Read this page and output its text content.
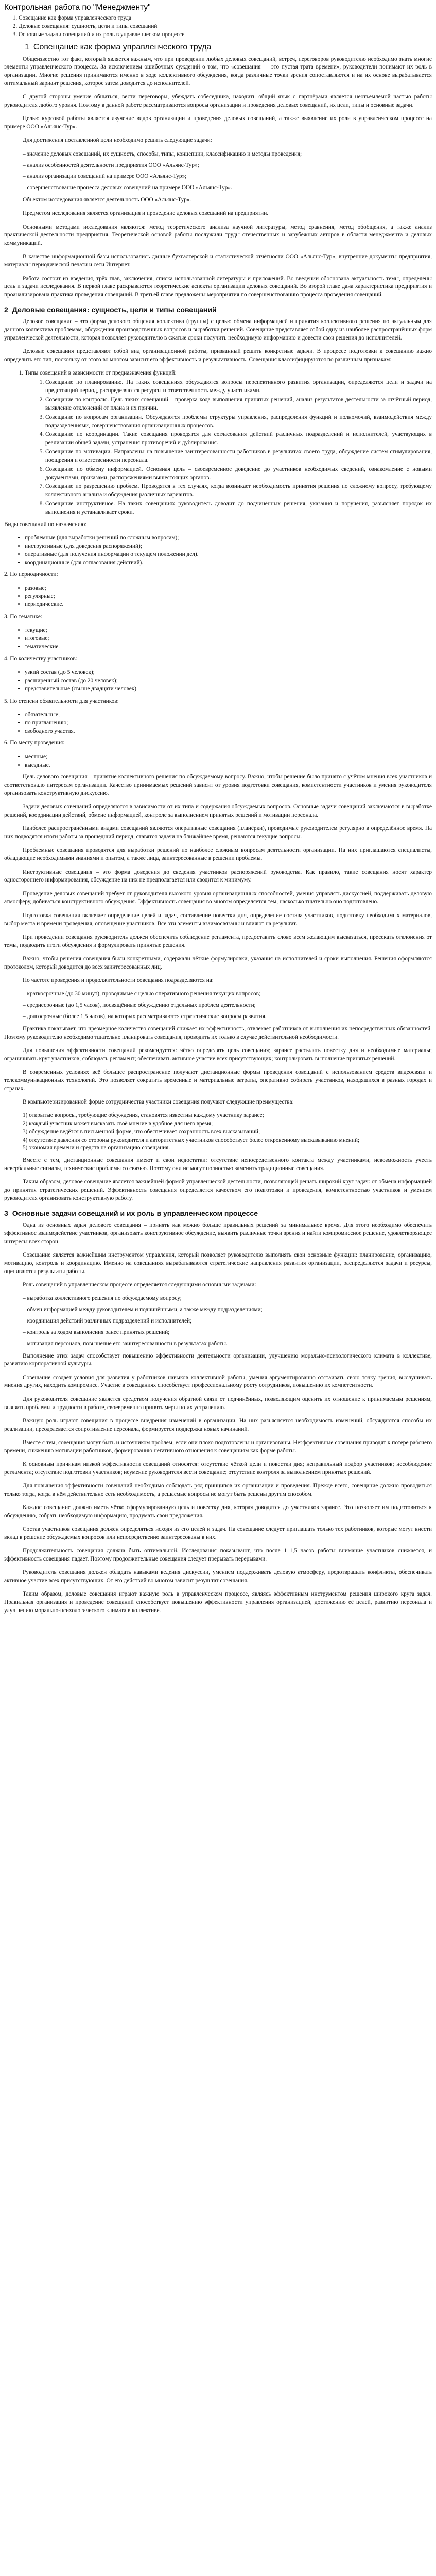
Контрольная работа по "Менеджменту"
1. Совещание как форма управленческого труда
2. Деловые совещания: сущность, цели и типы совещаний
3. Основные задачи совещаний и их роль в управленческом процессе
1 Совещание как форма управленческого труда

Общеизвестно тот факт, который является важным, что при проведении любых деловых совещаний, встреч, переговоров руководителю необходимо знать многие элементы управленческого процесса. За исключением ошибочных суждений о том, что «совещания — это пустая трата времени», руководители понимают их роль в организации. Многие решения принимаются именно в ходе коллективного обсуждения, когда различные точки зрения сопоставляются и на их основе вырабатывается оптимальный вариант решения, которое затем доводится до исполнителей.

С другой стороны умение общаться, вести переговоры, убеждать собеседника, находить общий язык с партнёрами является неотъемлемой частью работы руководителя любого уровня. Поэтому в данной работе рассматриваются вопросы организации и проведения деловых совещаний, их цели, типы и основные задачи.

Целью курсовой работы является изучение видов организации и проведения деловых совещаний, а также выявление их роли в управленческом процессе на примере ООО «Альянс-Тур».

Для достижения поставленной цели необходимо решить следующие задачи:

– значение деловых совещаний, их сущность, способы, типы, концепции, классификацию и методы проведения;
– анализ особенностей деятельности предприятия ООО «Альянс-Тур»;
– анализ организации совещаний на примере ООО «Альянс-Тур»;
– совершенствование процесса деловых совещаний на примере ООО «Альянс-Тур».

Объектом исследования является деятельность ООО «Альянс-Тур».

Предметом исследования является организация и проведение деловых совещаний на предприятии.

Основными методами исследования являются: метод теоретического анализа научной литературы, метод сравнения, метод обобщения, а также анализ практической деятельности предприятия. Теоретической основой работы послужили труды отечественных и зарубежных авторов в области менеджмента и деловых коммуникаций.

В качестве информационной базы использовались данные бухгалтерской и статистической отчётности ООО «Альянс-Тур», внутренние документы предприятия, материалы периодической печати и сети Интернет.

Работа состоит из введения, трёх глав, заключения, списка использованной литературы и приложений. Во введении обоснована актуальность темы, определены цель и задачи исследования. В первой главе раскрываются теоретические аспекты организации деловых совещаний. Во второй главе дана характеристика предприятия и проанализирована практика проведения совещаний. В третьей главе предложены мероприятия по совершенствованию процесса проведения совещаний.

2 Деловые совещания: сущность, цели и типы совещаний

Деловое совещание – это форма делового общения коллектива (группы) с целью обмена информацией и принятия коллективного решения по актуальным для данного коллектива проблемам, обсуждения производственных вопросов и выработки решений. Совещание представляет собой одну из наиболее распространённых форм управленческой деятельности, которая позволяет руководителю в сжатые сроки получить необходимую информацию и довести свои решения до исполнителей.

Деловые совещания представляют собой вид организационной работы, призванный решить конкретные задачи. В процессе подготовки к совещанию важно определить его тип, поскольку от этого во многом зависит его эффективность и результативность. Совещания классифицируются по различным признакам:

1. Типы совещаний в зависимости от предназначения функций:
1. Совещание по планированию. На таких совещаниях обсуждаются вопросы перспективного развития организации, определяются цели и задачи на предстоящий период, распределяются ресурсы и ответственность между участниками.
2. Совещание по контролю. Цель таких совещаний – проверка хода выполнения принятых решений, анализ результатов деятельности за отчётный период, выявление отклонений от плана и их причин.
3. Совещание по вопросам организации. Обсуждаются проблемы структуры управления, распределения функций и полномочий, взаимодействия между подразделениями, совершенствования организационных процессов.
4. Совещание по координации. Такие совещания проводятся для согласования действий различных подразделений и исполнителей, участвующих в реализации общей задачи, устранения противоречий и дублирования.
5. Совещание по мотивации. Направлены на повышение заинтересованности работников в результатах своего труда, обсуждение систем стимулирования, поощрения и ответственности персонала.
6. Совещание по обмену информацией. Основная цель – своевременное доведение до участников необходимых сведений, ознакомление с новыми документами, приказами, распоряжениями вышестоящих органов.
7. Совещание по разрешению проблем. Проводятся в тех случаях, когда возникает необходимость принятия решения по сложному вопросу, требующему коллективного анализа и обсуждения различных вариантов.
8. Совещание инструктивное. На таких совещаниях руководитель доводит до подчинённых решения, указания и поручения, разъясняет порядок их выполнения и устанавливает сроки.

Виды совещаний по назначению:

• проблемные (для выработки решений по сложным вопросам);
• инструктивные (для доведения распоряжений);
• оперативные (для получения информации о текущем положении дел).
• координационные (для согласования действий).

2. По периодичности:

• разовые;
• регулярные;
• периодические.

3. По тематике:

• текущие;
• итоговые;
• тематические.

4. По количеству участников:

• узкий состав (до 5 человек);
• расширенный состав (до 20 человек);
• представительные (свыше двадцати человек).

5. По степени обязательности для участников:

• обязательные;
• по приглашению;
• свободного участия.

6. По месту проведения:

• местные;
• выездные.

Цель делового совещания – принятие коллективного решения по обсуждаемому вопросу. Важно, чтобы решение было принято с учётом мнения всех участников и соответствовало интересам организации. Качество принимаемых решений зависит от уровня подготовки совещания, компетентности участников и умения руководителя организовать конструктивную дискуссию.

Задачи деловых совещаний определяются в зависимости от их типа и содержания обсуждаемых вопросов. Основные задачи совещаний заключаются в выработке решений, координации действий, обмене информацией, контроле за выполнением принятых решений и мотивации персонала.

Наиболее распространёнными видами совещаний являются оперативные совещания (планёрки), проводимые руководителем регулярно в определённое время. На них подводятся итоги работы за прошедший период, ставятся задачи на ближайшее время, решаются текущие вопросы.

Проблемные совещания проводятся для выработки решений по наиболее сложным вопросам деятельности организации. На них приглашаются специалисты, обладающие необходимыми знаниями и опытом, а также лица, заинтересованные в решении проблемы.

Инструктивные совещания – это форма доведения до сведения участников распоряжений руководства. Как правило, такие совещания носят характер одностороннего информирования, обсуждение на них не предполагается или сводится к минимуму.

Проведение деловых совещаний требует от руководителя высокого уровня организационных способностей, умения управлять дискуссией, поддерживать деловую атмосферу, добиваться конструктивного обсуждения. Эффективность совещания во многом определяется тем, насколько тщательно оно подготовлено.

Подготовка совещания включает определение целей и задач, составление повестки дня, определение состава участников, подготовку необходимых материалов, выбор места и времени проведения, оповещение участников. Все эти элементы взаимосвязаны и влияют на результат.

При проведении совещания руководитель должен обеспечить соблюдение регламента, предоставить слово всем желающим высказаться, пресекать отклонения от темы, подводить итоги обсуждения и формулировать принятые решения.

Важно, чтобы решения совещания были конкретными, содержали чёткие формулировки, указания на исполнителей и сроки выполнения. Решения оформляются протоколом, который доводится до всех заинтересованных лиц.

По частоте проведения и продолжительности совещания подразделяются на:

– краткосрочные (до 30 минут), проводимые с целью оперативного решения текущих вопросов;
– среднесрочные (до 1,5 часов), посвящённые обсуждению отдельных проблем деятельности;
– долгосрочные (более 1,5 часов), на которых рассматриваются стратегические вопросы развития.

Практика показывает, что чрезмерное количество совещаний снижает их эффективность, отвлекает работников от выполнения их непосредственных обязанностей. Поэтому руководителю необходимо тщательно планировать совещания, проводить их только в случае действительной необходимости.

Для повышения эффективности совещаний рекомендуется: чётко определять цель совещания; заранее рассылать повестку дня и необходимые материалы; ограничивать круг участников; соблюдать регламент; обеспечивать активное участие всех присутствующих; контролировать выполнение принятых решений.

В современных условиях всё большее распространение получают дистанционные формы проведения совещаний с использованием средств видеосвязи и телекоммуникационных технологий. Это позволяет сократить временные и материальные затраты, оперативно собирать участников, находящихся в разных городах и странах.

В компьютеризированной форме сотрудничества участники совещания получают следующие преимущества:

1) открытые вопросы, требующие обсуждения, становятся известны каждому участнику заранее;
2) каждый участник может высказать своё мнение в удобное для него время;
3) обсуждение ведётся в письменной форме, что обеспечивает сохранность всех высказываний;
4) отсутствие давления со стороны руководителя и авторитетных участников способствует более откровенному высказыванию мнений;
5) экономия времени и средств на организацию совещания.

Вместе с тем, дистанционные совещания имеют и свои недостатки: отсутствие непосредственного контакта между участниками, невозможность учесть невербальные сигналы, технические проблемы со связью. Поэтому они не могут полностью заменить традиционные совещания.

Таким образом, деловое совещание является важнейшей формой управленческой деятельности, позволяющей решать широкий круг задач: от обмена информацией до принятия стратегических решений. Эффективность совещания определяется качеством его подготовки и проведения, компетентностью участников и умением руководителя организовать конструктивную работу.

3 Основные задачи совещаний и их роль в управленческом процессе

Одна из основных задач делового совещания – принять как можно больше правильных решений за минимальное время. Для этого необходимо обеспечить эффективное взаимодействие участников, организовать конструктивное обсуждение, выявить различные точки зрения и найти компромиссное решение, удовлетворяющее интересы всех сторон.

Совещание является важнейшим инструментом управления, который позволяет руководителю выполнять свои основные функции: планирование, организацию, мотивацию, контроль и координацию. Именно на совещаниях вырабатываются стратегические направления развития организации, распределяются задачи и ресурсы, оцениваются результаты работы.

Роль совещаний в управленческом процессе определяется следующими основными задачами:

– выработка коллективного решения по обсуждаемому вопросу;
– обмен информацией между руководителем и подчинёнными, а также между подразделениями;
– координация действий различных подразделений и исполнителей;
– контроль за ходом выполнения ранее принятых решений;
– мотивация персонала, повышение его заинтересованности в результатах работы.

Выполнение этих задач способствует повышению эффективности деятельности организации, улучшению морально-психологического климата в коллективе, развитию корпоративной культуры.

Совещание создаёт условия для развития у работников навыков коллективной работы, умения аргументированно отстаивать свою точку зрения, выслушивать мнения других, находить компромисс. Участие в совещаниях способствует профессиональному росту сотрудников, повышению их компетентности.

Для руководителя совещание является средством получения обратной связи от подчинённых, позволяющим оценить их отношение к принимаемым решениям, выявить проблемы и трудности в работе, своевременно принять меры по их устранению.

Важную роль играют совещания в процессе внедрения изменений в организации. На них разъясняется необходимость изменений, обсуждаются способы их реализации, преодолевается сопротивление персонала, формируется поддержка новых начинаний.

Вместе с тем, совещания могут быть и источником проблем, если они плохо подготовлены и организованы. Неэффективные совещания приводят к потере рабочего времени, снижению мотивации работников, формированию негативного отношения к совещаниям как форме работы.

К основным причинам низкой эффективности совещаний относятся: отсутствие чёткой цели и повестки дня; неправильный подбор участников; несоблюдение регламента; отсутствие подготовки участников; неумение руководителя вести совещание; отсутствие контроля за выполнением принятых решений.

Для повышения эффективности совещаний необходимо соблюдать ряд принципов их организации и проведения. Прежде всего, совещание должно проводиться только тогда, когда в нём действительно есть необходимость, а решаемые вопросы не могут быть решены другим способом.

Каждое совещание должно иметь чётко сформулированную цель и повестку дня, которая доводится до участников заранее. Это позволяет им подготовиться к обсуждению, собрать необходимую информацию, продумать свои предложения.

Состав участников совещания должен определяться исходя из его целей и задач. На совещание следует приглашать только тех работников, которые могут внести вклад в решение обсуждаемых вопросов или непосредственно заинтересованы в них.

Продолжительность совещания должна быть оптимальной. Исследования показывают, что после 1–1,5 часов работы внимание участников снижается, и эффективность совещания падает. Поэтому продолжительные совещания следует прерывать перерывами.

Руководитель совещания должен обладать навыками ведения дискуссии, умением поддерживать деловую атмосферу, предотвращать конфликты, обеспечивать активное участие всех присутствующих. От его действий во многом зависит результат совещания.

Таким образом, деловые совещания играют важную роль в управленческом процессе, являясь эффективным инструментом решения широкого круга задач. Правильная организация и проведение совещаний способствует повышению эффективности управления организацией, достижению её целей, развитию персонала и улучшению морально-психологического климата в коллективе.
